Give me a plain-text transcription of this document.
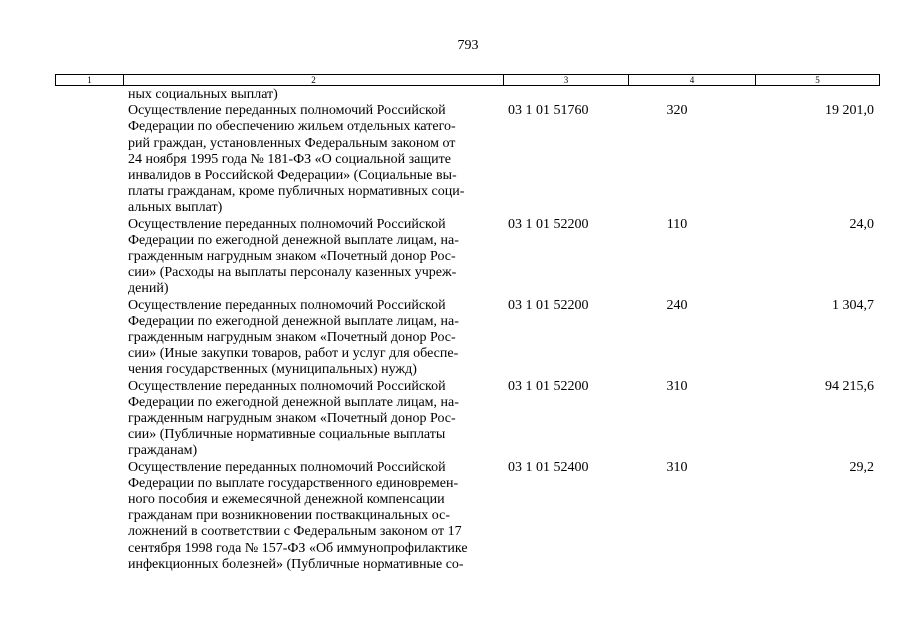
793
1	2	3	4	5
ных социальных выплат)
Осуществление переданных полномочий Российской
Федерации по обеспечению жильем отдельных катего-
рий граждан, установленных Федеральным законом от
24 ноября 1995 года № 181-ФЗ «О социальной защите
инвалидов в Российской Федерации» (Социальные вы-
платы гражданам, кроме публичных нормативных соци-
альных выплат)
03 1 01 51760	320	19 201,0
Осуществление переданных полномочий Российской
Федерации по ежегодной денежной выплате лицам, на-
гражденным нагрудным знаком «Почетный донор Рос-
сии» (Расходы на выплаты персоналу казенных учреж-
дений)
03 1 01 52200	110	24,0
Осуществление переданных полномочий Российской
Федерации по ежегодной денежной выплате лицам, на-
гражденным нагрудным знаком «Почетный донор Рос-
сии» (Иные закупки товаров, работ и услуг для обеспе-
чения государственных (муниципальных) нужд)
03 1 01 52200	240	1 304,7
Осуществление переданных полномочий Российской
Федерации по ежегодной денежной выплате лицам, на-
гражденным нагрудным знаком «Почетный донор Рос-
сии» (Публичные нормативные социальные выплаты
гражданам)
03 1 01 52200	310	94 215,6
Осуществление переданных полномочий Российской
Федерации по выплате государственного единовремен-
ного пособия и ежемесячной денежной компенсации
гражданам при возникновении поствакцинальных ос-
ложнений в соответствии с Федеральным законом от 17
сентября 1998 года № 157-ФЗ «Об иммунопрофилактике
инфекционных болезней» (Публичные нормативные со-
03 1 01 52400	310	29,2
